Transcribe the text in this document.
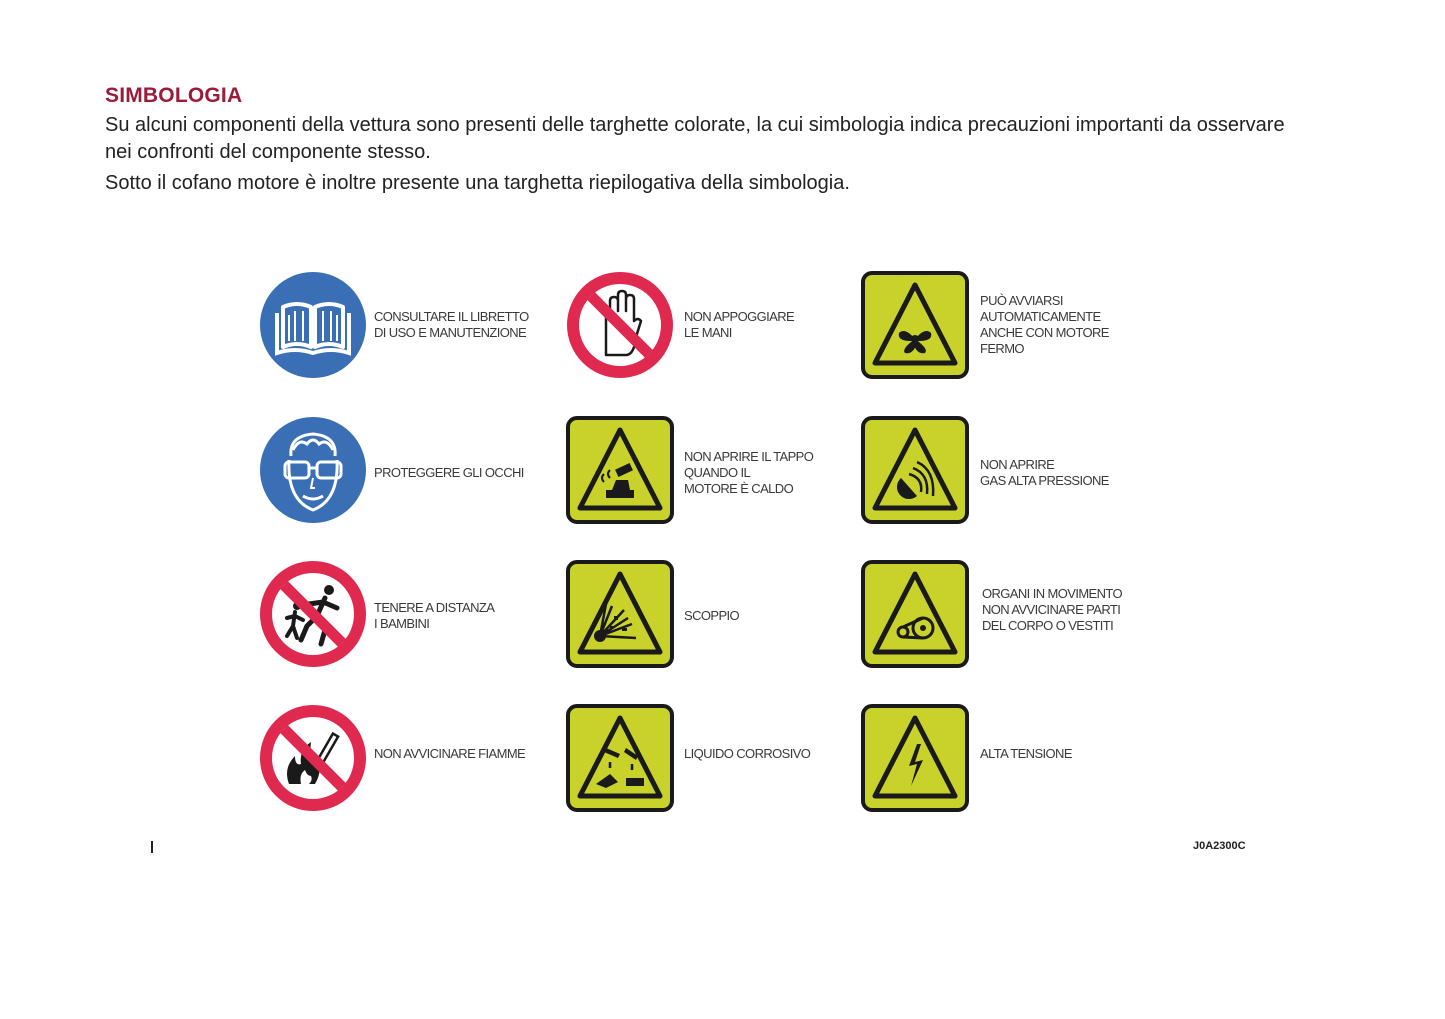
SIMBOLOGIA
Su alcuni componenti della vettura sono presenti delle targhette colorate, la cui simbologia indica precauzioni importanti da osservare nei confronti del componente stesso.
Sotto il cofano motore è inoltre presente una targhetta riepilogativa della simbologia.
CONSULTARE IL LIBRETTO
DI USO E MANUTENZIONE
NON APPOGGIARE
LE MANI
PUÒ AVVIARSI
AUTOMATICAMENTE
ANCHE CON MOTORE
FERMO
PROTEGGERE GLI OCCHI
NON APRIRE IL TAPPO
QUANDO IL
MOTORE È CALDO
NON APRIRE
GAS ALTA PRESSIONE
TENERE A DISTANZA
I BAMBINI
SCOPPIO
ORGANI IN MOVIMENTO
NON AVVICINARE PARTI
DEL CORPO O VESTITI
NON AVVICINARE FIAMME	LIQUIDO CORROSIVO	ALTA TENSIONE
J0A2300C
